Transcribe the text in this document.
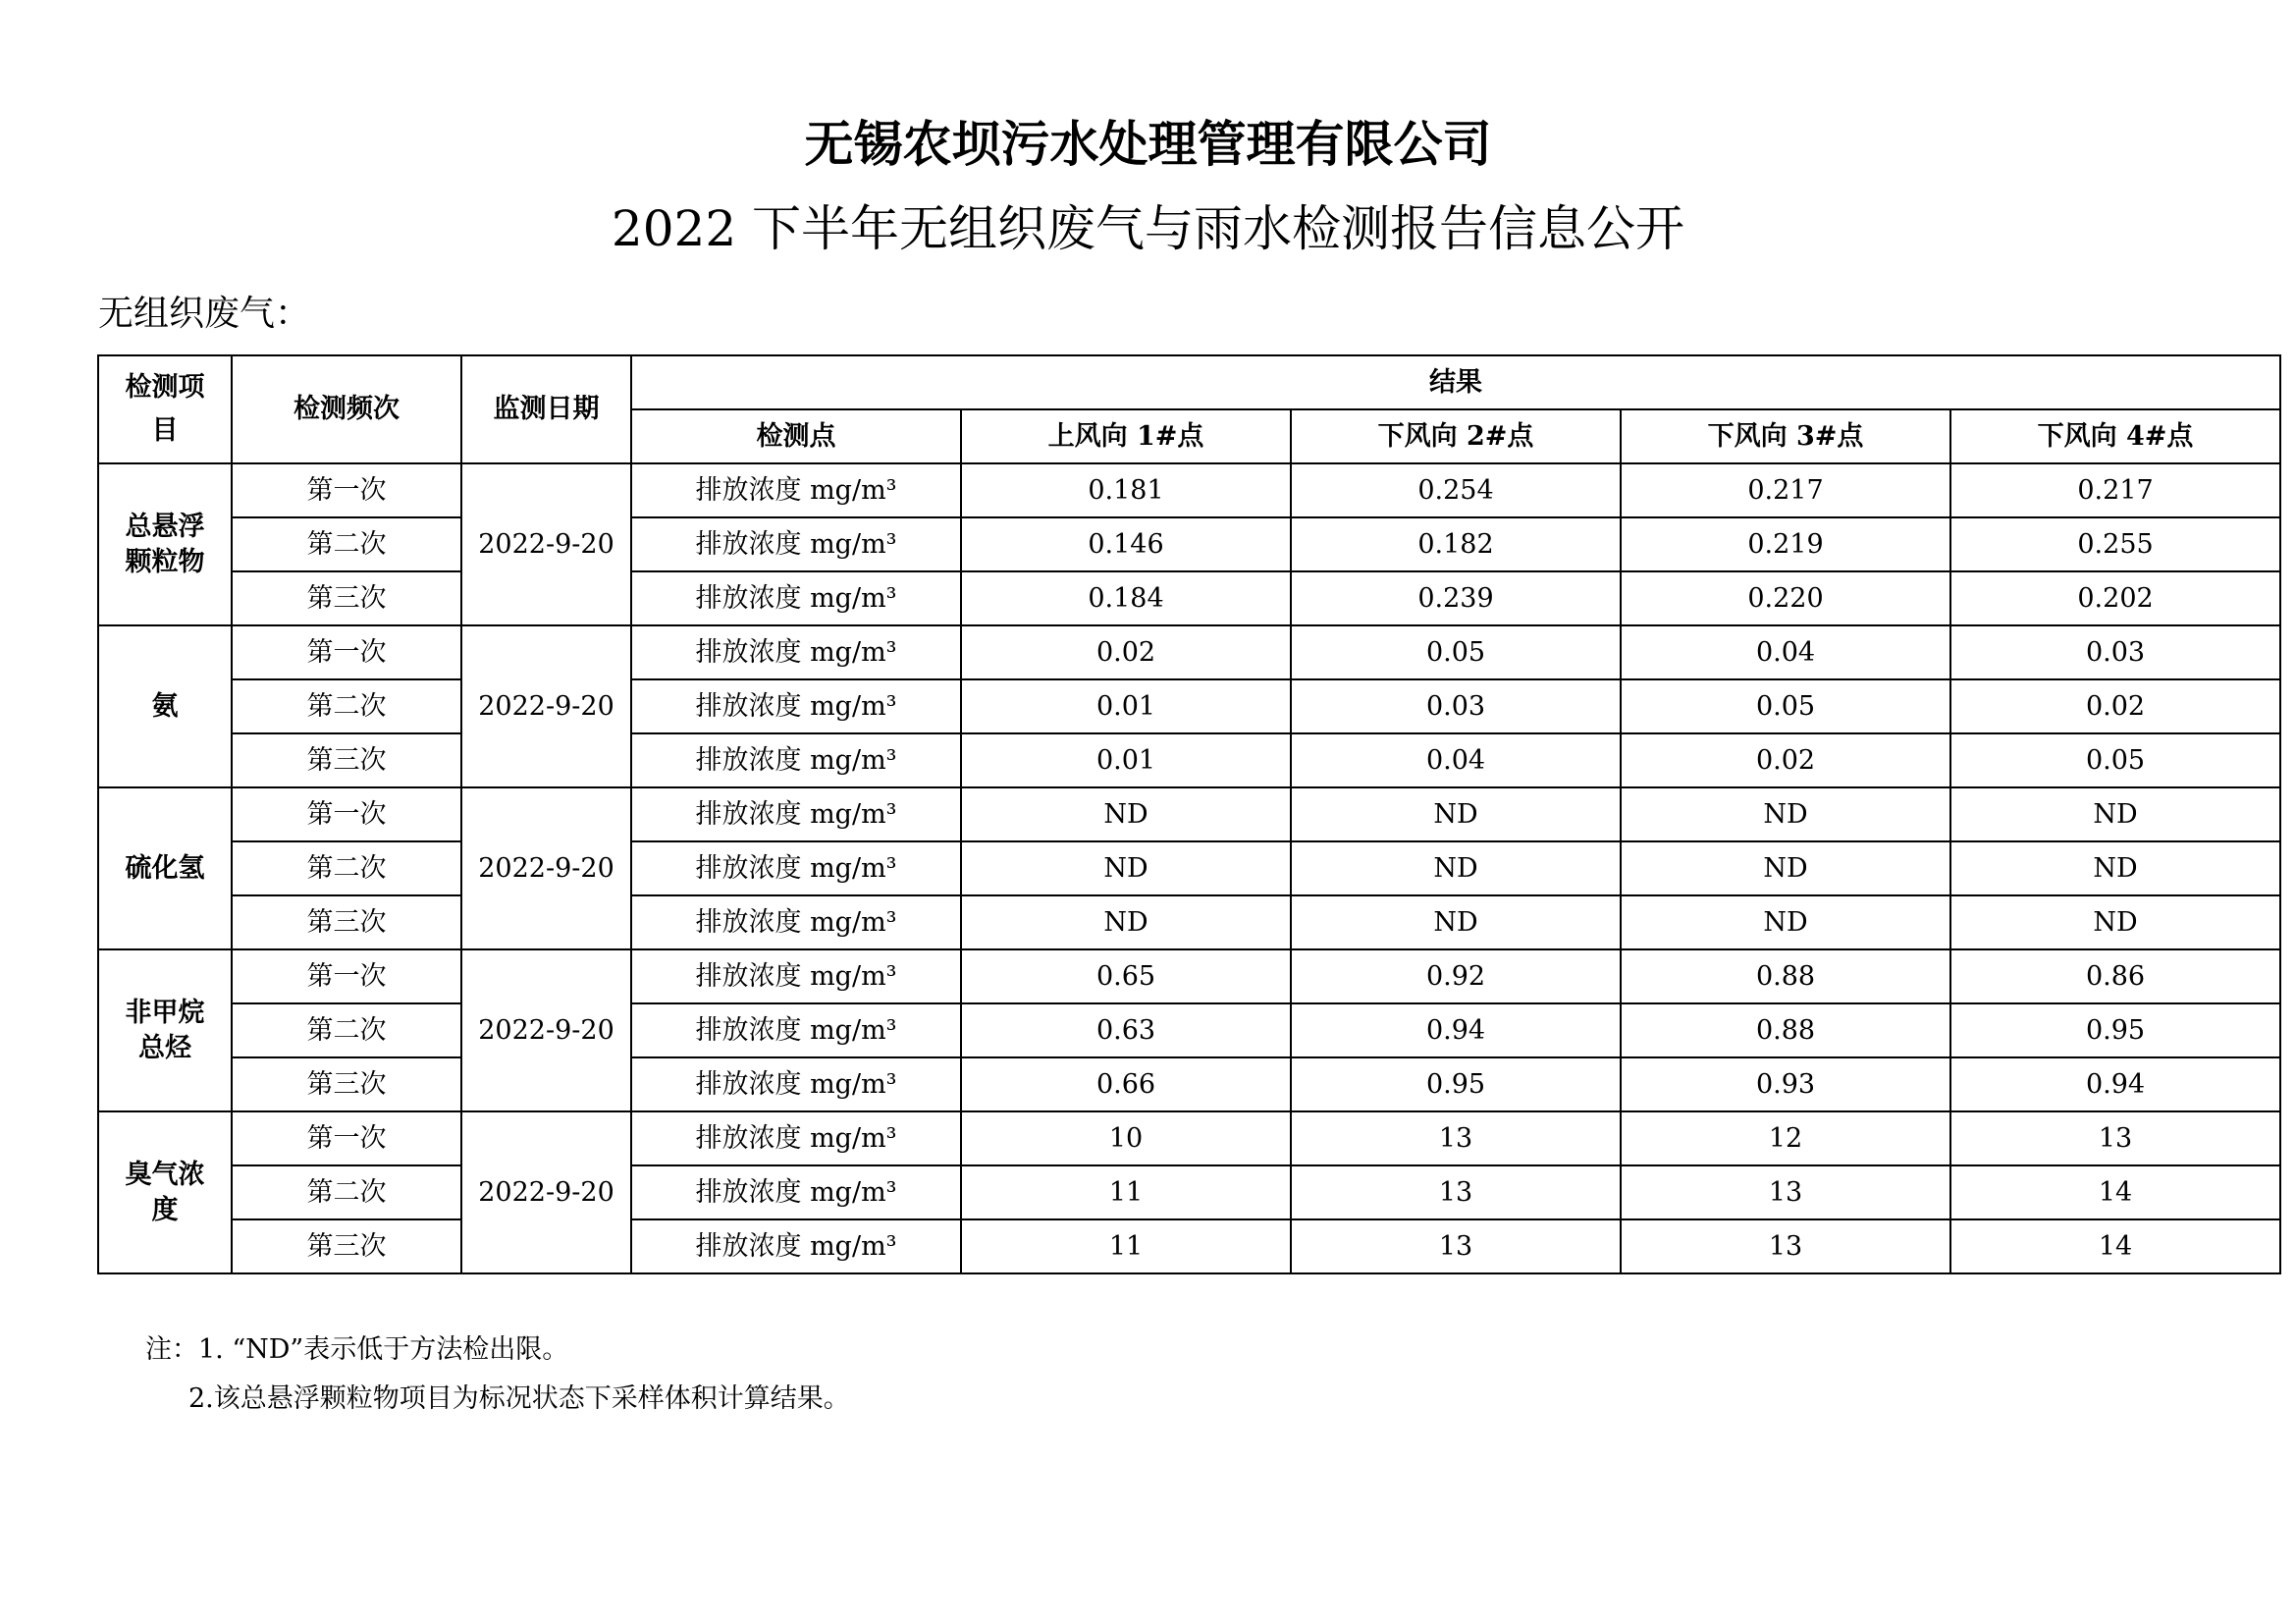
无锡农坝污水处理管理有限公司
2022 下半年无组织废气与雨水检测报告信息公开
无组织废气：
检测项目	检测频次	监测日期	结果				
			检测点	上风向 1#点	下风向 2#点	下风向 3#点	下风向 4#点
总悬浮颗粒物	第一次	2022-9-20	排放浓度 mg/m³	0.181	0.254	0.217	0.217
	第二次		排放浓度 mg/m³	0.146	0.182	0.219	0.255
	第三次		排放浓度 mg/m³	0.184	0.239	0.220	0.202
氨	第一次	2022-9-20	排放浓度 mg/m³	0.02	0.05	0.04	0.03
	第二次		排放浓度 mg/m³	0.01	0.03	0.05	0.02
	第三次		排放浓度 mg/m³	0.01	0.04	0.02	0.05
硫化氢	第一次	2022-9-20	排放浓度 mg/m³	ND	ND	ND	ND
	第二次		排放浓度 mg/m³	ND	ND	ND	ND
	第三次		排放浓度 mg/m³	ND	ND	ND	ND
非甲烷总烃	第一次	2022-9-20	排放浓度 mg/m³	0.65	0.92	0.88	0.86
	第二次		排放浓度 mg/m³	0.63	0.94	0.88	0.95
	第三次		排放浓度 mg/m³	0.66	0.95	0.93	0.94
臭气浓度	第一次	2022-9-20	排放浓度 mg/m³	10	13	12	13
	第二次		排放浓度 mg/m³	11	13	13	14
	第三次		排放浓度 mg/m³	11	13	13	14
注：1. “ND”表示低于方法检出限。
2.该总悬浮颗粒物项目为标况状态下采样体积计算结果。
